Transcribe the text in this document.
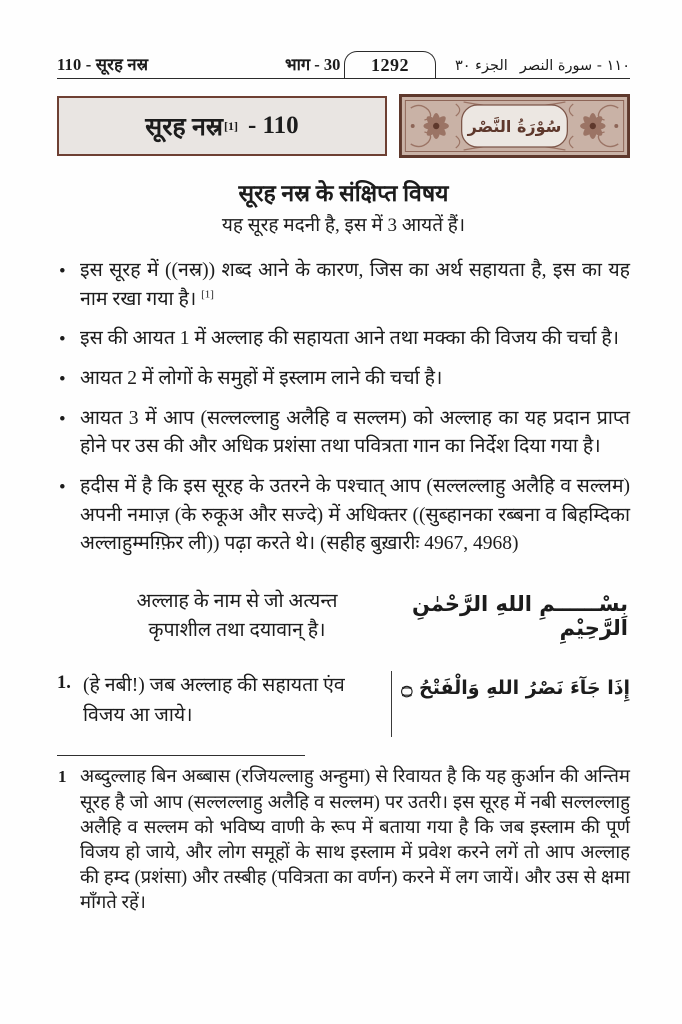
110 - सूरह नस्र	भाग - 30	1292	الجزء ٣٠ ١١٠ - سورة النصر
सूरह नस्र [1] - 110	سُوْرَةُ النَّصْر
सूरह नस्र के संक्षिप्त विषय
यह सूरह मदनी है, इस में 3 आयतें हैं।
• इस सूरह में ((नस्र)) शब्द आने के कारण, जिस का अर्थ सहायता है, इस का यह नाम रखा गया है। [1]
• इस की आयत 1 में अल्लाह की सहायता आने तथा मक्का की विजय की चर्चा है।
• आयत 2 में लोगों के समुहों में इस्लाम लाने की चर्चा है।
• आयत 3 में आप (सल्लल्लाहु अलैहि व सल्लम) को अल्लाह का यह प्रदान प्राप्त होने पर उस की और अधिक प्रशंसा तथा पवित्रता गान का निर्देश दिया गया है।
• हदीस में है कि इस सूरह के उतरने के पश्चात् आप (सल्लल्लाहु अलैहि व सल्लम) अपनी नमाज़ (के रुकूअ और सज्दे) में अधिक्तर ((सुब्हानका रब्बना व बिहम्दिका अल्लाहुम्मग़्फ़िर ली)) पढ़ा करते थे। (सहीह बुख़ारीः 4967, 4968)
अल्लाह के नाम से जो अत्यन्त
कृपाशील तथा दयावान् है।
بِسْــــــمِ اللهِ الرَّحْمٰنِ الرَّحِيْمِ
1. (हे नबी!) जब अल्लाह की सहायता एंव विजय आ जाये।
إِذَا جَآءَ نَصْرُ اللهِ وَالْفَتْحُ ۝
1 अब्दुल्लाह बिन अब्बास (रजियल्लाहु अन्हुमा) से रिवायत है कि यह क़ुर्आन की अन्तिम सूरह है जो आप (सल्लल्लाहु अलैहि व सल्लम) पर उतरी। इस सूरह में नबी सल्लल्लाहु अलैहि व सल्लम को भविष्य वाणी के रूप में बताया गया है कि जब इस्लाम की पूर्ण विजय हो जाये, और लोग समूहों के साथ इस्लाम में प्रवेश करने लगें तो आप अल्लाह की हम्द (प्रशंसा) और तस्बीह (पवित्रता का वर्णन) करने में लग जायें। और उस से क्षमा माँगते रहें।
